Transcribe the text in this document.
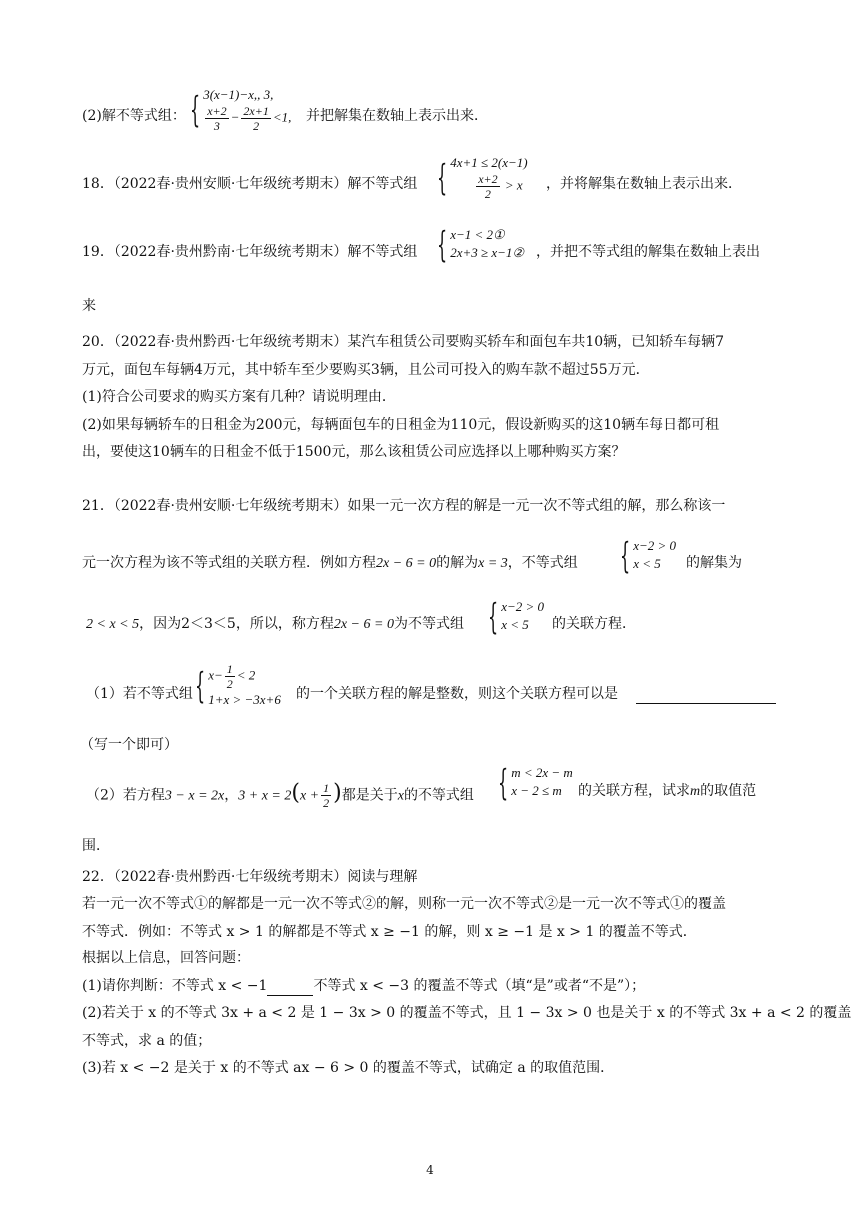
(2)解不等式组： { 3(x−1)−x,, 3,
$\frac{x+2}{3} - \frac{2x+1}{2} <1$, 并把解集在数轴上表示出来．
18．（2022春·贵州安顺·七年级统考期末）解不等式组 { 4x+1 ≤ 2(x−1)
$\frac{x+2}{2} > x$	，并将解集在数轴上表示出来．
19．（2022春·贵州黔南·七年级统考期末）解不等式组 { x−1 < 2①
2x+3 ≥ x−1② ，并把不等式组的解集在数轴上表出
来
20．（2022春·贵州黔西·七年级统考期末）某汽车租赁公司要购买轿车和面包车共10辆，已知轿车每辆7
万元，面包车每辆4万元，其中轿车至少要购买3辆，且公司可投入的购车款不超过55万元．
(1)符合公司要求的购买方案有几种？请说明理由．
(2)如果每辆轿车的日租金为200元，每辆面包车的日租金为110元，假设新购买的这10辆车每日都可租
出，要使这10辆车的日租金不低于1500元，那么该租赁公司应选择以上哪种购买方案？
21．（2022春·贵州安顺·七年级统考期末）如果一元一次方程的解是一元一次不等式组的解，那么称该一
元一次方程为该不等式组的关联方程．例如方程2x − 6 = 0的解为x = 3，不等式组	{ x−2 > 0
x < 5	的解集为
2 < x < 5，因为2＜3＜5，所以，称方程2x − 6 = 0为不等式组 { x−2 > 0
x < 5	的关联方程．
（1）若不等式组 { $x- \frac{1}{2} < 2$
1+x > −3x+6 的一个关联方程的解是整数，则这个关联方程可以是
（写一个即可）
（2）若方程3 − x = 2x，$3 + x = 2(x + \frac{1}{2}$ )都是关于x的不等式组 { m < 2x − m
x − 2 ≤ m	的关联方程，试求m的取值范
围．
22．（2022春·贵州黔西·七年级统考期末）阅读与理解
若一元一次不等式①的解都是一元一次不等式②的解，则称一元一次不等式②是一元一次不等式①的覆盖
不等式．例如：不等式 x > 1 的解都是不等式 x ≥ −1 的解，则 x ≥ −1 是 x > 1 的覆盖不等式．
根据以上信息，回答问题：
(1)请你判断：不等式 x < −1	不等式 x < −3 的覆盖不等式（填“是”或者“不是”）；
(2)若关于 x 的不等式 3x + a < 2 是 1 − 3x > 0 的覆盖不等式，且 1 − 3x > 0 也是关于 x 的不等式 3x + a < 2 的覆盖
不等式，求 a 的值；
(3)若 x < −2 是关于 x 的不等式 ax − 6 > 0 的覆盖不等式，试确定 a 的取值范围．
4
